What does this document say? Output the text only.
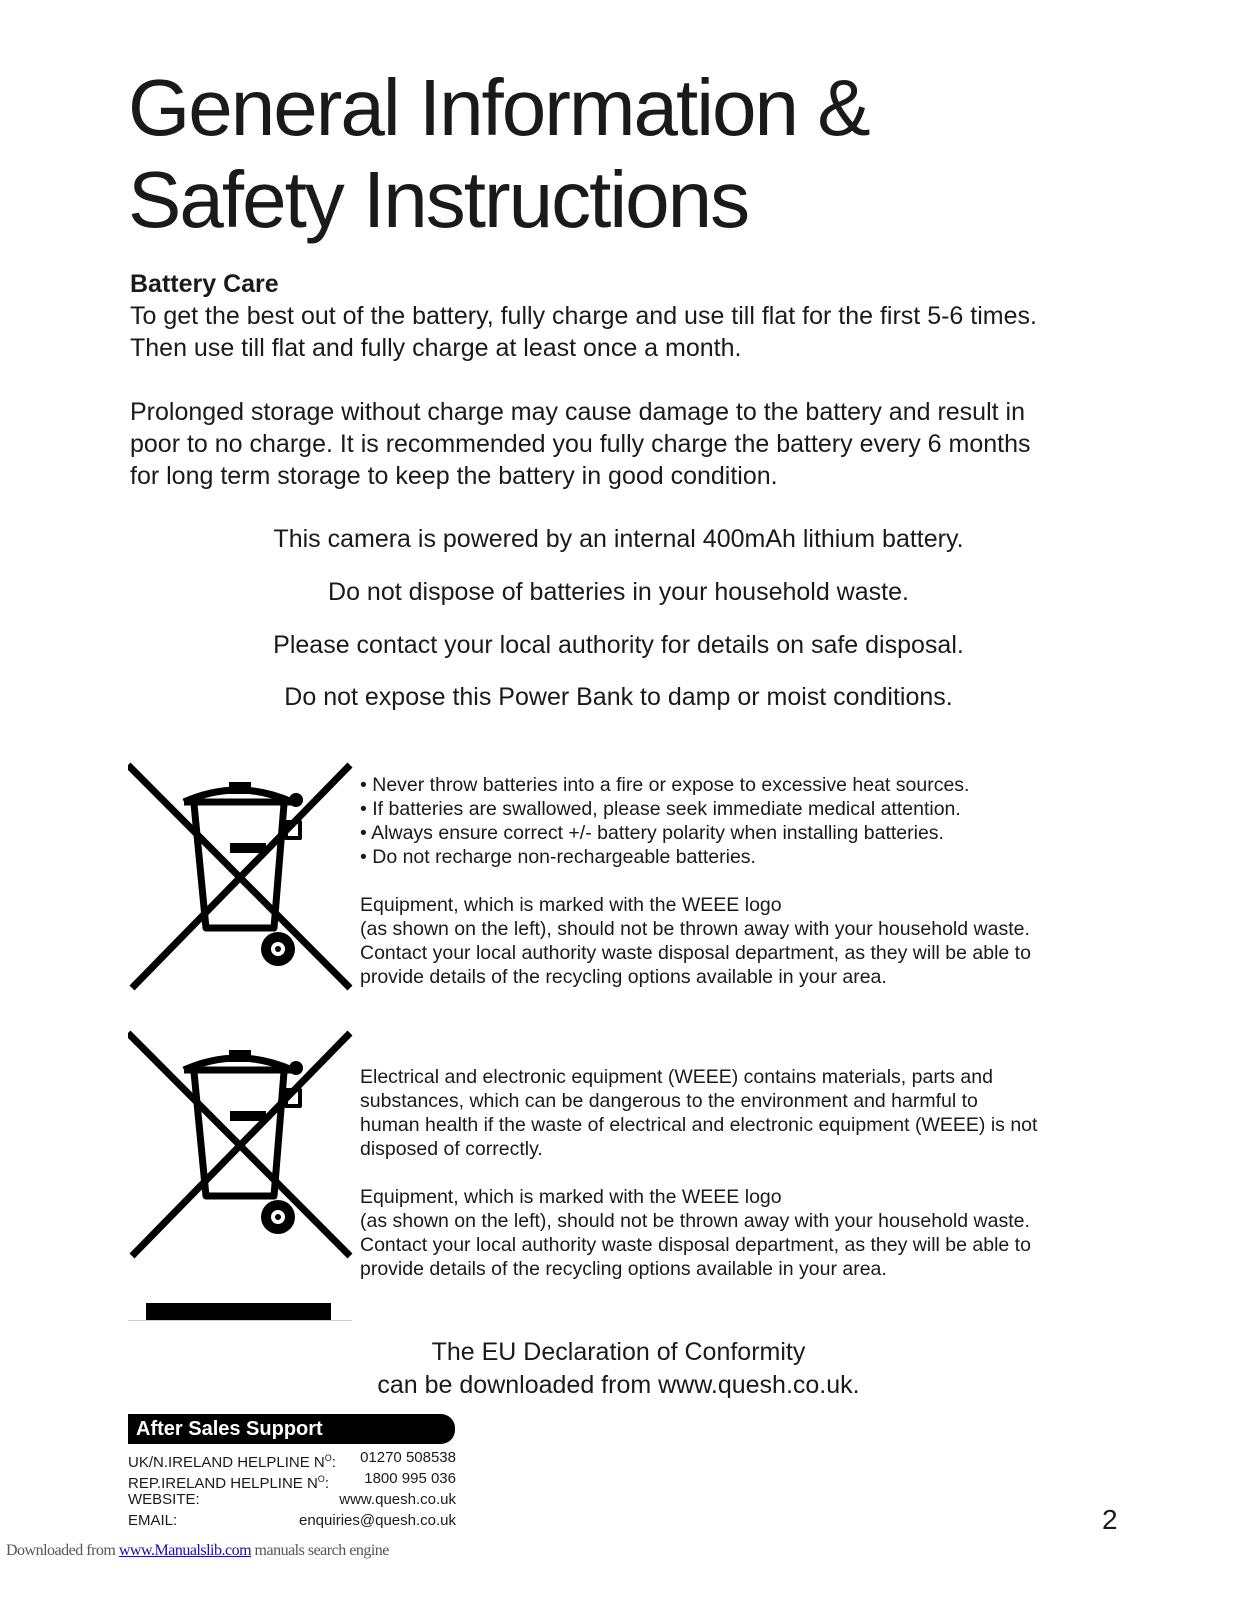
General Information &
Safety Instructions
Battery Care
To get the best out of the battery, fully charge and use till flat for the first 5-6 times.
Then use till flat and fully charge at least once a month.
Prolonged storage without charge may cause damage to the battery and result in
poor to no charge. It is recommended you fully charge the battery every 6 months
for long term storage to keep the battery in good condition.
This camera is powered by an internal 400mAh lithium battery.
Do not dispose of batteries in your household waste.
Please contact your local authority for details on safe disposal.
Do not expose this Power Bank to damp or moist conditions.
• Never throw batteries into a fire or expose to excessive heat sources.
• If batteries are swallowed, please seek immediate medical attention.
• Always ensure correct +/- battery polarity when installing batteries.
• Do not recharge non-rechargeable batteries.
Equipment, which is marked with the WEEE logo
(as shown on the left), should not be thrown away with your household waste.
Contact your local authority waste disposal department, as they will be able to
provide details of the recycling options available in your area.
Electrical and electronic equipment (WEEE) contains materials, parts and
substances, which can be dangerous to the environment and harmful to
human health if the waste of electrical and electronic equipment (WEEE) is not
disposed of correctly.
Equipment, which is marked with the WEEE logo
(as shown on the left), should not be thrown away with your household waste.
Contact your local authority waste disposal department, as they will be able to
provide details of the recycling options available in your area.
The EU Declaration of Conformity
can be downloaded from www.quesh.co.uk.
After Sales Support
UK/N.IRELAND HELPLINE $N^O$: 01270 508538
REP.IRELAND HELPLINE $N^O$: 1800 995 036
WEBSITE:	www.quesh.co.uk
EMAIL:	enquiries@quesh.co.uk	2
Downloaded from www.Manualslib.com manuals search engine
